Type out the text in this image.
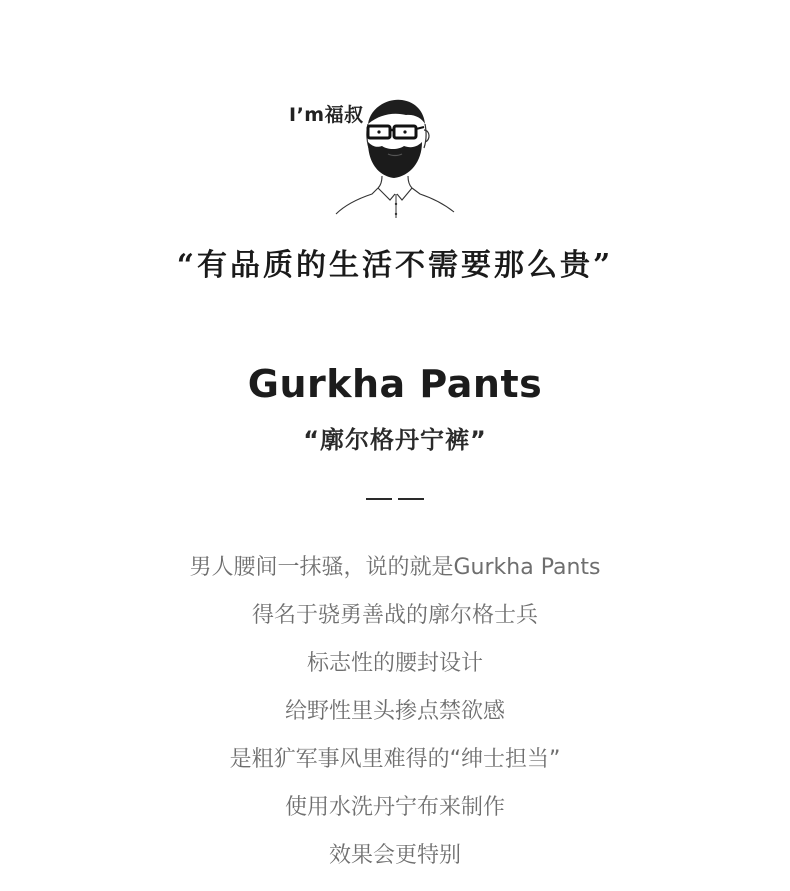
I’m福叔
“有品质的生活不需要那么贵”
Gurkha Pants
“廓尔格丹宁裤”
男人腰间一抹骚，说的就是Gurkha Pants
得名于骁勇善战的廓尔格士兵
标志性的腰封设计
给野性里头掺点禁欲感
是粗犷军事风里难得的“绅士担当”
使用水洗丹宁布来制作
效果会更特别
